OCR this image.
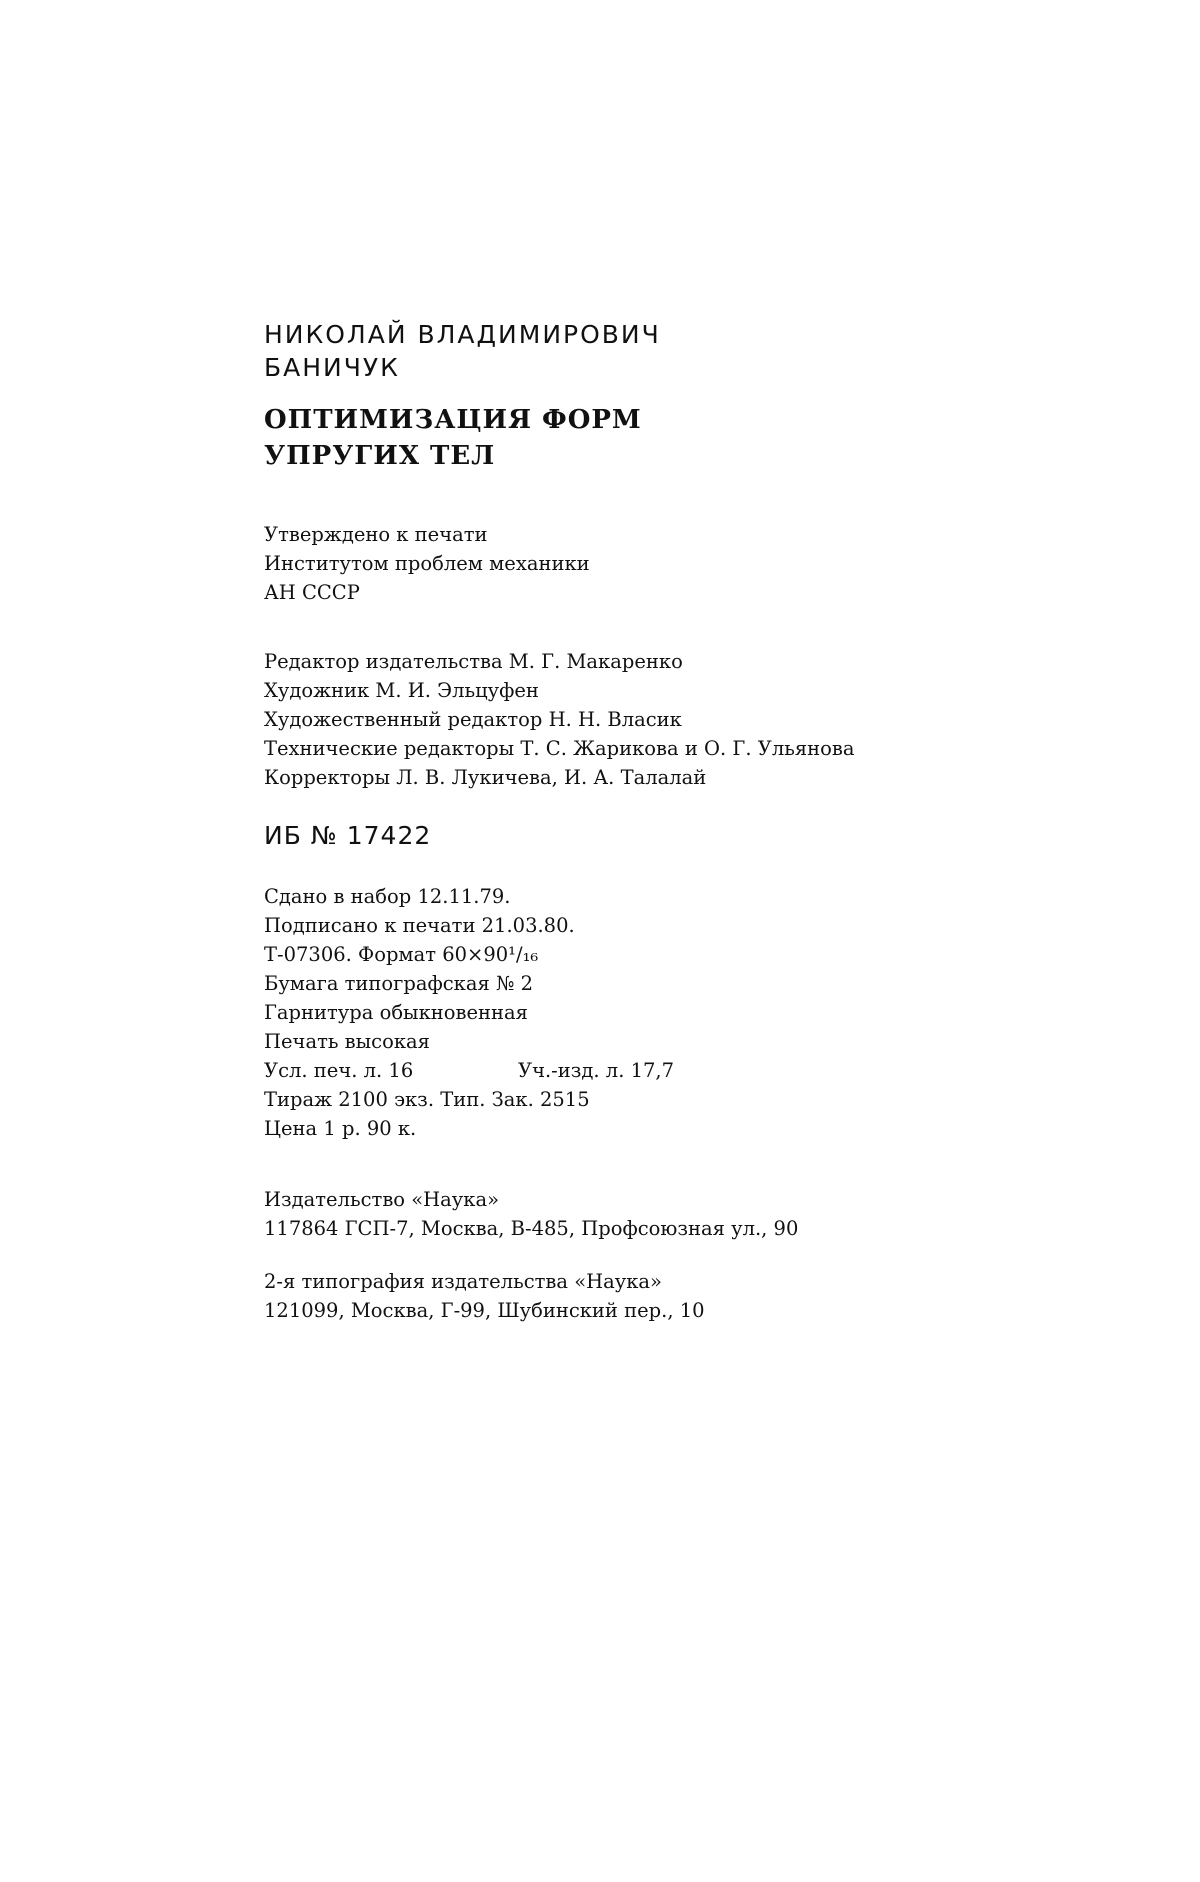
НИКОЛАЙ ВЛАДИМИРОВИЧ
БАНИЧУК
ОПТИМИЗАЦИЯ ФОРМ
УПРУГИХ ТЕЛ
Утверждено к печати
Институтом проблем механики
АН СССР
Редактор издательства М. Г. Макаренко
Художник М. И. Эльцуфен
Художественный редактор Н. Н. Власик
Технические редакторы Т. С. Жарикова и О. Г. Ульянова
Корректоры Л. В. Лукичева, И. А. Талалай
ИБ № 17422
Сдано в набор 12.11.79.
Подписано к печати 21.03.80.
Т-07306. Формат 60×90¹/₁₆
Бумага типографская № 2
Гарнитура обыкновенная
Печать высокая
Усл. печ. л. 16	Уч.-изд. л. 17,7
Тираж 2100 экз. Тип. Зак. 2515
Цена 1 р. 90 к.
Издательство «Наука»
117864 ГСП-7, Москва, В-485, Профсоюзная ул., 90
2-я типография издательства «Наука»
121099, Москва, Г-99, Шубинский пер., 10
